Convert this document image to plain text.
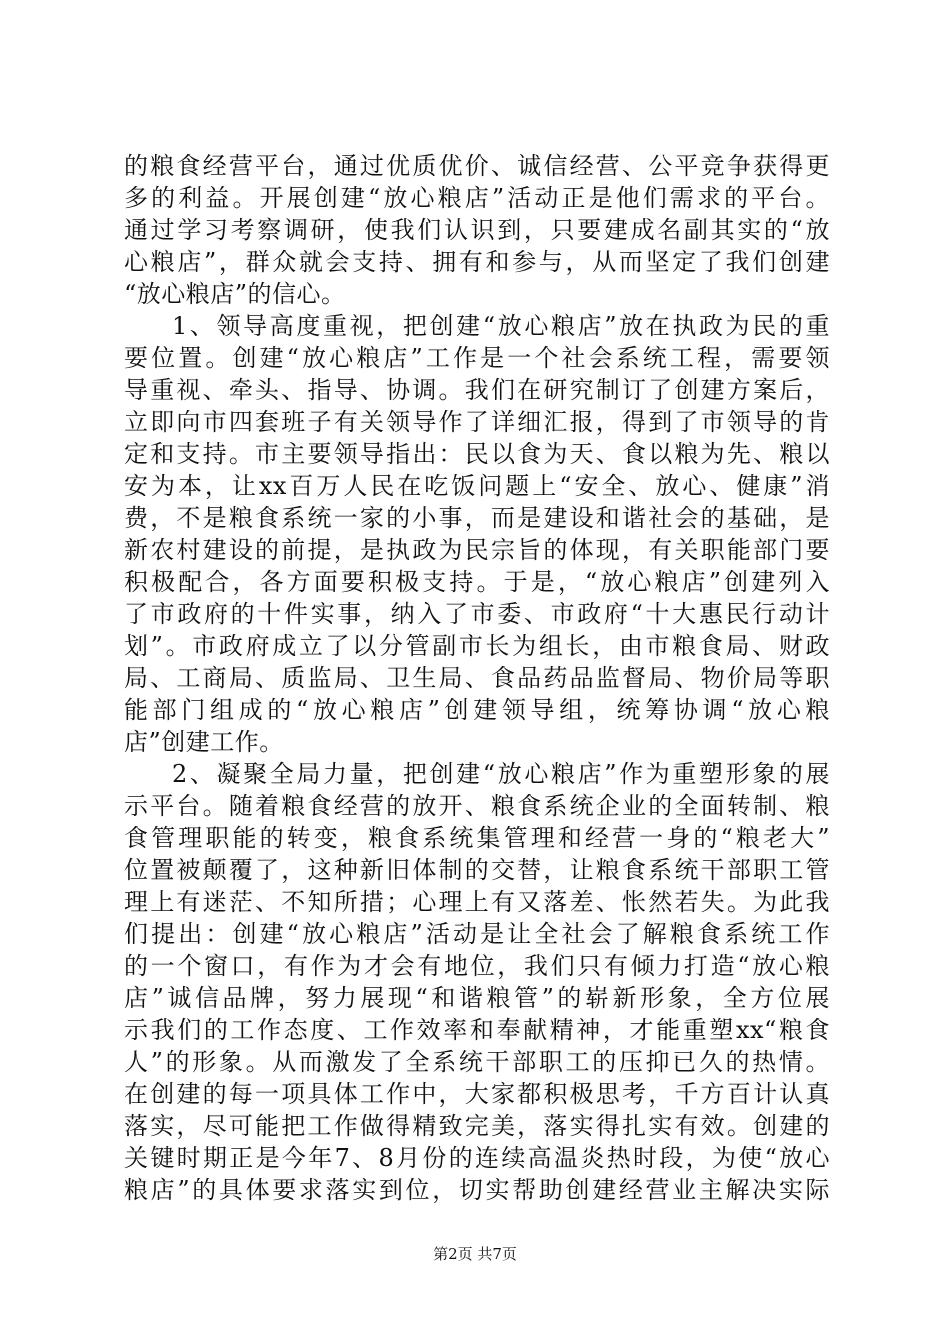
的粮食经营平台，通过优质优价、诚信经营、公平竞争获得更
多的利益。开展创建“放心粮店”活动正是他们需求的平台。
通过学习考察调研，使我们认识到，只要建成名副其实的“放
心粮店”，群众就会支持、拥有和参与，从而坚定了我们创建
“放心粮店”的信心。
1、领导高度重视，把创建“放心粮店”放在执政为民的重
要位置。创建“放心粮店”工作是一个社会系统工程，需要领
导重视、牵头、指导、协调。我们在研究制订了创建方案后，
立即向市四套班子有关领导作了详细汇报，得到了市领导的肯
定和支持。市主要领导指出：民以食为天、食以粮为先、粮以
安为本，让xx百万人民在吃饭问题上“安全、放心、健康”消
费，不是粮食系统一家的小事，而是建设和谐社会的基础，是
新农村建设的前提，是执政为民宗旨的体现，有关职能部门要
积极配合，各方面要积极支持。于是，“放心粮店”创建列入
了市政府的十件实事，纳入了市委、市政府“十大惠民行动计
划”。市政府成立了以分管副市长为组长，由市粮食局、财政
局、工商局、质监局、卫生局、食品药品监督局、物价局等职
能部门组成的“放心粮店”创建领导组，统筹协调“放心粮
店”创建工作。
2、凝聚全局力量，把创建“放心粮店”作为重塑形象的展
示平台。随着粮食经营的放开、粮食系统企业的全面转制、粮
食管理职能的转变，粮食系统集管理和经营一身的“粮老大”
位置被颠覆了，这种新旧体制的交替，让粮食系统干部职工管
理上有迷茫、不知所措；心理上有又落差、怅然若失。为此我
们提出：创建“放心粮店”活动是让全社会了解粮食系统工作
的一个窗口，有作为才会有地位，我们只有倾力打造“放心粮
店”诚信品牌，努力展现“和谐粮管”的崭新形象，全方位展
示我们的工作态度、工作效率和奉献精神，才能重塑xx“粮食
人”的形象。从而激发了全系统干部职工的压抑已久的热情。
在创建的每一项具体工作中，大家都积极思考，千方百计认真
落实，尽可能把工作做得精致完美，落实得扎实有效。创建的
关键时期正是今年7、8月份的连续高温炎热时段，为使“放心
粮店”的具体要求落实到位，切实帮助创建经营业主解决实际
第2页 共7页
